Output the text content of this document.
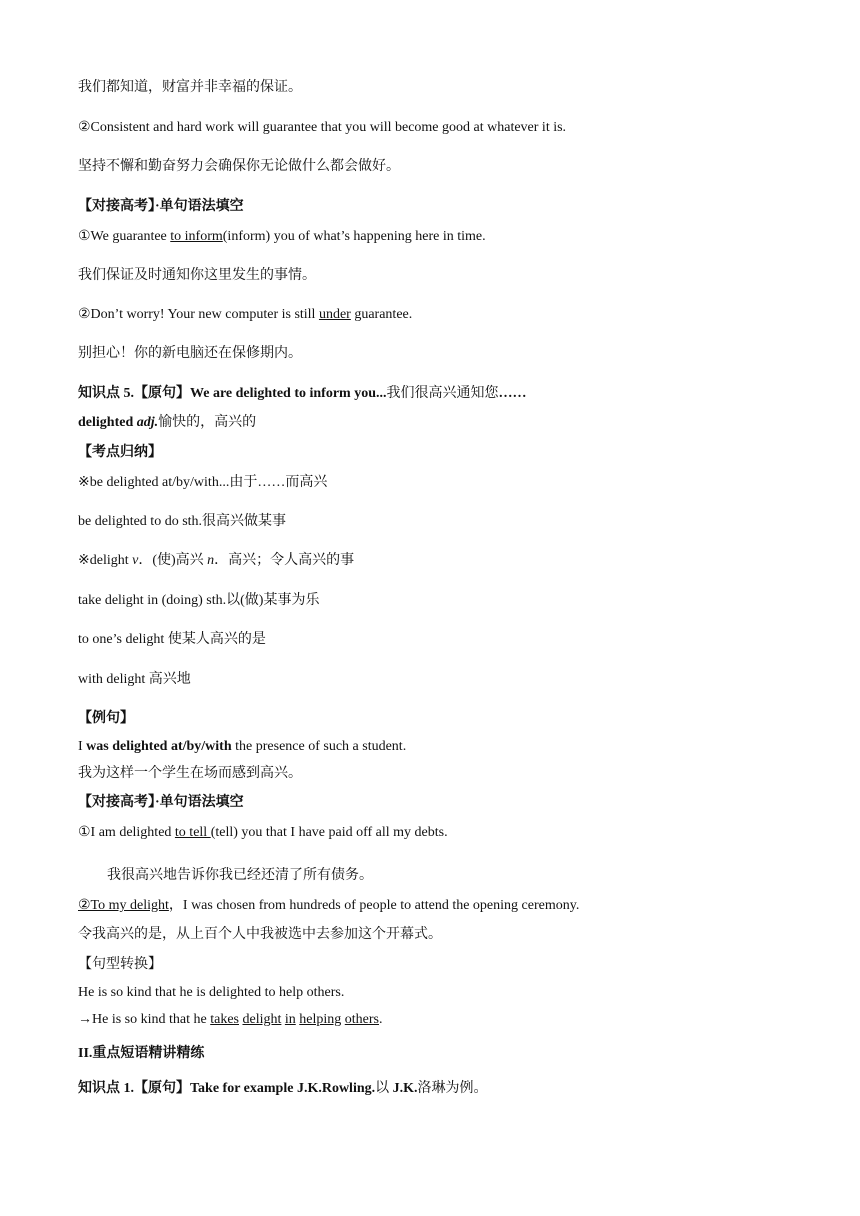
我们都知道，财富并非幸福的保证。
②Consistent and hard work will guarantee that you will become good at whatever it is.
坚持不懈和勤奋努力会确保你无论做什么都会做好。
【对接高考】·单句语法填空
①We guarantee to inform(inform) you of what’s happening here in time.
我们保证及时通知你这里发生的事情。
②Don’t worry! Your new computer is still under guarantee.
别担心！你的新电脑还在保修期内。
知识点 5.【原句】We are delighted to inform you...我们很高兴通知您……
delighted adj.愉快的，高兴的
【考点归纳】
※be delighted at/by/with...由于……而高兴
be delighted to do sth.很高兴做某事
※delight v．(使)高兴 n．高兴；令人高兴的事
take delight in (doing) sth.以(做)某事为乐
to one’s delight 使某人高兴的是
with delight 高兴地
【例句】
I was delighted at/by/with the presence of such a student.
我为这样一个学生在场而感到高兴。
【对接高考】·单句语法填空
①I am delighted to tell (tell) you that I have paid off all my debts.
我很高兴地告诉你我已经还清了所有债务。
②To my delight，I was chosen from hundreds of people to attend the opening ceremony.
令我高兴的是，从上百个人中我被选中去参加这个开幕式。
【句型转换】
He is so kind that he is delighted to help others.
→He is so kind that he takes delight in helping others.
II.重点短语精讲精练
知识点 1.【原句】Take for example J.K.Rowling.以 J.K.洛琳为例。
